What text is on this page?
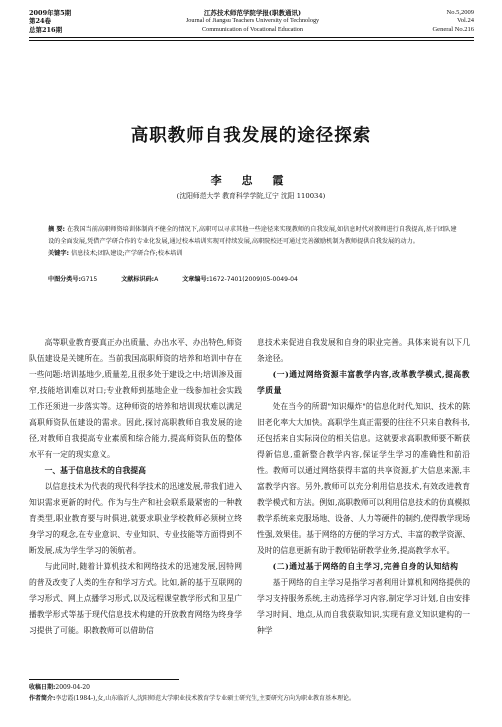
2009年第5期
第24卷
总第216期
江苏技术师范学院学报(职教通讯)
Journal of Jiangsu Teachers University of Technology
Communication of Vocational Education
No.5,2009
Vol.24
General No.216
高职教师自我发展的途径探索
李 忠 霞
(沈阳师范大学 教育科学学院,辽宁 沈阳 110034)
摘 要: 在我国当前高职师资培训体制尚不健全的情况下,高职可以寻求其他一些途径来实现教师的自我发展,如信息时代对教师进行自我提高,基于团队建设的全面发展,凭借产学研合作的专业化发展,通过校本培训实现可持续发展,高职院校还可通过完善激励机制为教师提供自我发展的动力。
关键字: 信息技术;团队建设;产学研合作;校本培训
中图分类号:G715	文献标识码:A	文章编号:1672-7401(2009)05-0049-04

高等职业教育要真正办出质量、办出水平、办出特色,师资队伍建设是关键所在。当前我国高职师资的培养和培训中存在一些问题:培训基地少,质量差,且很多处于建设之中;培训渗及面窄,技能培训难以对口;专业教师到基地企业一线参加社会实践工作还须进一步落实等。这种师资的培养和培训现状难以满足高职师资队伍建设的需求。因此,探讨高职教师自我发展的途径,对教师自我提高专业素质和综合能力,提高师资队伍的整体水平有一定的现实意义。

一、基于信息技术的自我提高

以信息技术为代表的现代科学技术的迅速发展,带我们进入知识需求更新的时代。作为与生产和社会联系最紧密的一种教育类型,职业教育要与时俱进,就要求职业学校教师必须树立终身学习的观念,在专业意识、专业知识、专业技能等方面得到不断发展,成为学生学习的领航者。

与此同时,随着计算机技术和网络技术的迅速发展,因特网的普及改变了人类的生存和学习方式。比如,新的基于互联网的学习形式、网上点播学习形式,以及远程课堂教学形式和卫星广播教学形式等基于现代信息技术构建的开放教育网络为终身学习提供了可能。职教教师可以借助信

息技术来促进自我发展和自身的职业完善。具体来说有以下几条途径。

(一)通过网络资源丰富教学内容,改革教学模式,提高教学质量

处在当今的所谓"知识爆炸"的信息化时代,知识、技术的陈旧老化率大大加快。高职学生真正需要的往往不只来自教科书,还包括来自实际岗位的相关信息。这就要求高职教师要不断获得新信息,重新整合教学内容,保证学生学习的准确性和前沿性。教师可以通过网络获得丰富的共享资源,扩大信息来源,丰富教学内容。另外,教师可以充分利用信息技术,有效改进教育教学模式和方法。例如,高职教师可以利用信息技术的仿真模拟教学系统来克服场地、设备、人力等硬件的制约,使得教学现场性强,效果佳。基于网络的方便的学习方式、丰富的教学资源、及时的信息更新有助于教师钻研教学业务,提高教学水平。

(二)通过基于网络的自主学习,完善自身的认知结构

基于网络的自主学习是指学习者利用计算机和网络提供的学习支持服务系统,主动选择学习内容,制定学习计划,自由安排学习时间、地点,从而自我获取知识,实现有意义知识建构的一种学

收稿日期:2009-04-20
作者简介:李忠霞(1984-),女,山东临沂人,沈阳师范大学职业技术教育学专业硕士研究生,主要研究方向为职业教育基本理论。
